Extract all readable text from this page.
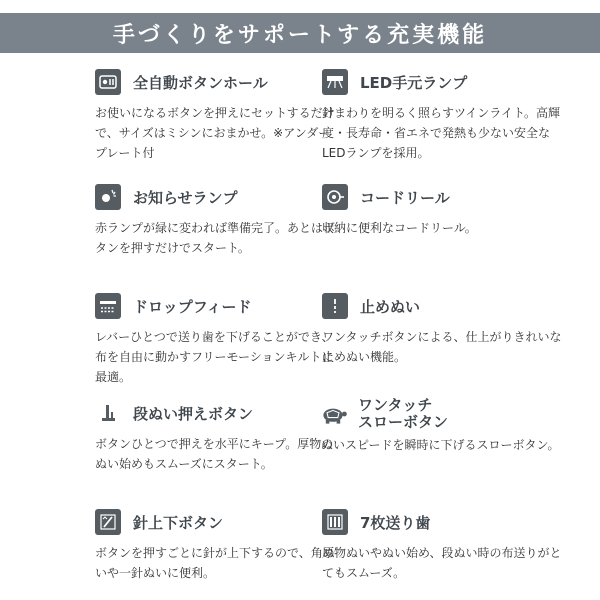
手づくりをサポートする充実機能
全自動ボタンホール
お使いになるボタンを押えにセットするだけで、サイズはミシンにおまかせ。※アンダープレート付
LED手元ランプ
針まわりを明るく照らすツインライト。高輝度・長寿命・省エネで発熱も少ない安全なLEDランプを採用。
お知らせランプ
赤ランプが緑に変われば準備完了。あとはボタンを押すだけでスタート。
コードリール
収納に便利なコードリール。
ドロップフィード
レバーひとつで送り歯を下げることができ、布を自由に動かすフリーモーションキルトに最適。
止めぬい
ワンタッチボタンによる、仕上がりきれいな止めぬい機能。
段ぬい押えボタン
ボタンひとつで押えを水平にキープ。厚物のぬい始めもスムーズにスタート。
ワンタッチ
スローボタン
ぬいスピードを瞬時に下げるスローボタン。
針上下ボタン
ボタンを押すごとに針が上下するので、角ぬいや一針ぬいに便利。
7枚送り歯
厚物ぬいやぬい始め、段ぬい時の布送りがとてもスムーズ。
